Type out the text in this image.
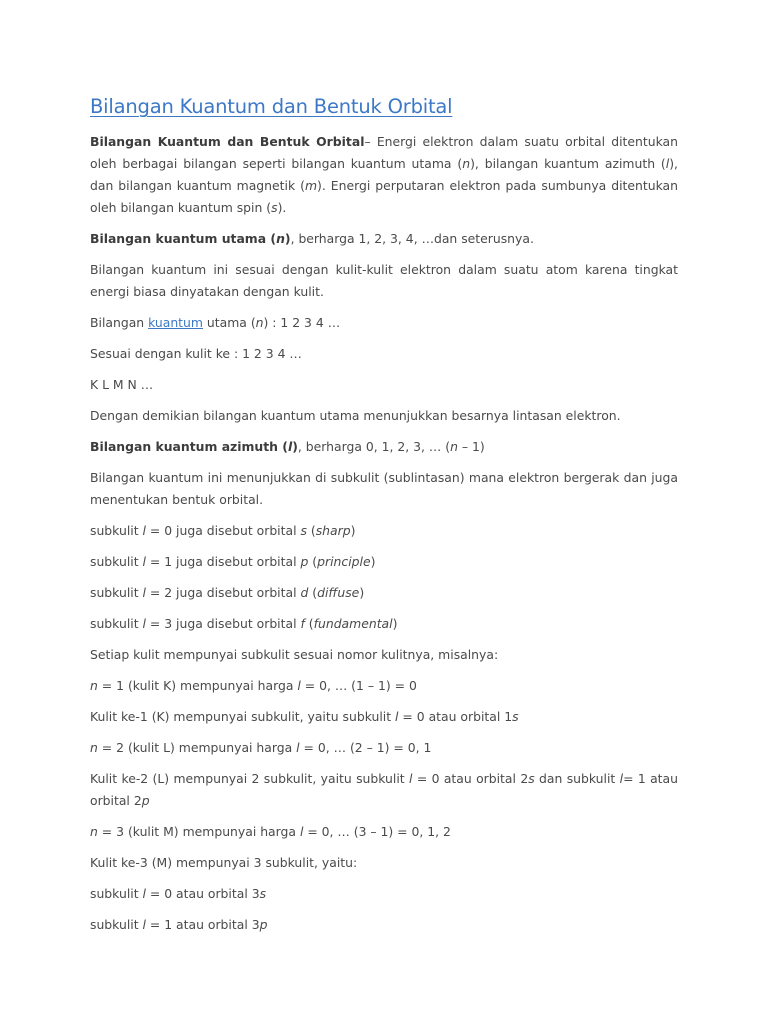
Bilangan Kuantum dan Bentuk Orbital

Bilangan Kuantum dan Bentuk Orbital– Energi elektron dalam suatu orbital ditentukan oleh berbagai bilangan seperti bilangan kuantum utama (n), bilangan kuantum azimuth (l), dan bilangan kuantum magnetik (m). Energi perputaran elektron pada sumbunya ditentukan oleh bilangan kuantum spin (s).

Bilangan kuantum utama (n), berharga 1, 2, 3, 4, …dan seterusnya.

Bilangan kuantum ini sesuai dengan kulit-kulit elektron dalam suatu atom karena tingkat energi biasa dinyatakan dengan kulit.

Bilangan kuantum utama (n) : 1 2 3 4 …

Sesuai dengan kulit ke : 1 2 3 4 …

K L M N …

Dengan demikian bilangan kuantum utama menunjukkan besarnya lintasan elektron.

Bilangan kuantum azimuth (l), berharga 0, 1, 2, 3, … (n – 1)

Bilangan kuantum ini menunjukkan di subkulit (sublintasan) mana elektron bergerak dan juga menentukan bentuk orbital.

subkulit l = 0 juga disebut orbital s (sharp)

subkulit l = 1 juga disebut orbital p (principle)

subkulit l = 2 juga disebut orbital d (diffuse)

subkulit l = 3 juga disebut orbital f (fundamental)

Setiap kulit mempunyai subkulit sesuai nomor kulitnya, misalnya:

n = 1 (kulit K) mempunyai harga l = 0, … (1 – 1) = 0

Kulit ke-1 (K) mempunyai subkulit, yaitu subkulit l = 0 atau orbital 1s

n = 2 (kulit L) mempunyai harga l = 0, … (2 – 1) = 0, 1

Kulit ke-2 (L) mempunyai 2 subkulit, yaitu subkulit l = 0 atau orbital 2s dan subkulit l= 1 atau orbital 2p

n = 3 (kulit M) mempunyai harga l = 0, … (3 – 1) = 0, 1, 2

Kulit ke-3 (M) mempunyai 3 subkulit, yaitu:

subkulit l = 0 atau orbital 3s

subkulit l = 1 atau orbital 3p
